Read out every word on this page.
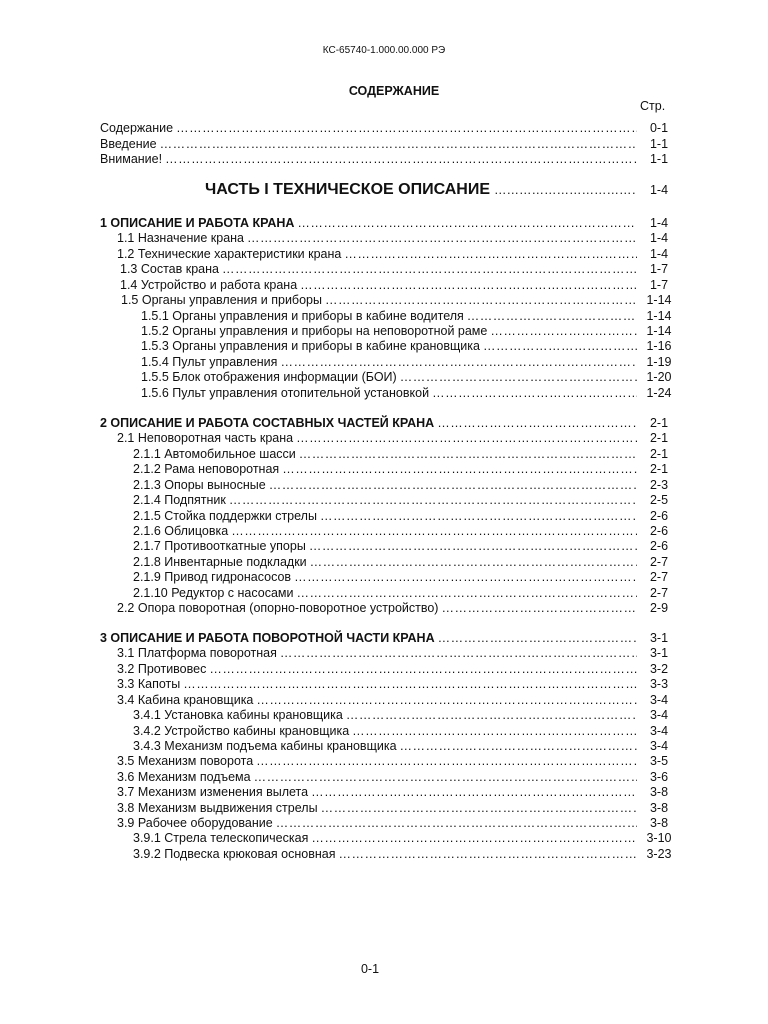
КС-65740-1.000.00.000 РЭ
СОДЕРЖАНИЕ
Стр.
ЧАСТЬ I ТЕХНИЧЕСКОЕ ОПИСАНИЕ ……………………………………………………………………………………	1-4
Содержание …………………………………………………………………………………………………………………………………………………………………………………………………………………	0-1
Введение …………………………………………………………………………………………………………………………………………………………………………………………………………………	1-1
Внимание! …………………………………………………………………………………………………………………………………………………………………………………………………………………	1-1
1 ОПИСАНИЕ И РАБОТА КРАНА …………………………………………………………………………………………………………………………………………………………………………………………………………………	1-4
1.1 Назначение крана …………………………………………………………………………………………………………………………………………………………………………………………………………………	1-4
1.2 Технические характеристики крана …………………………………………………………………………………………………………………………………………………………………………………………………………………	1-4
1.3 Состав крана …………………………………………………………………………………………………………………………………………………………………………………………………………………	1-7
1.4 Устройство и работа крана …………………………………………………………………………………………………………………………………………………………………………………………………………………	1-7
1.5 Органы управления и приборы …………………………………………………………………………………………………………………………………………………………………………………………………………………	1-14
1.5.1 Органы управления и приборы в кабине водителя …………………………………………………………………………………………………………………………………………………………………………………………………………………	1-14
1.5.2 Органы управления и приборы на неповоротной раме …………………………………………………………………………………………………………………………………………………………………………………………………………………	1-14
1.5.3 Органы управления и приборы в кабине крановщика …………………………………………………………………………………………………………………………………………………………………………………………………………………	1-16
1.5.4 Пульт управления …………………………………………………………………………………………………………………………………………………………………………………………………………………	1-19
1.5.5 Блок отображения информации (БОИ) …………………………………………………………………………………………………………………………………………………………………………………………………………………	1-20
1.5.6 Пульт управления отопительной установкой …………………………………………………………………………………………………………………………………………………………………………………………………………………	1-24
2 ОПИСАНИЕ И РАБОТА СОСТАВНЫХ ЧАСТЕЙ КРАНА …………………………………………………………………………………………………………………………………………………………………………………………………………………	2-1
2.1 Неповоротная часть крана …………………………………………………………………………………………………………………………………………………………………………………………………………………	2-1
2.1.1 Автомобильное шасси …………………………………………………………………………………………………………………………………………………………………………………………………………………	2-1
2.1.2 Рама неповоротная …………………………………………………………………………………………………………………………………………………………………………………………………………………	2-1
2.1.3 Опоры выносные …………………………………………………………………………………………………………………………………………………………………………………………………………………	2-3
2.1.4 Подпятник …………………………………………………………………………………………………………………………………………………………………………………………………………………	2-5
2.1.5 Стойка поддержки стрелы …………………………………………………………………………………………………………………………………………………………………………………………………………………	2-6
2.1.6 Облицовка …………………………………………………………………………………………………………………………………………………………………………………………………………………	2-6
2.1.7 Противооткатные упоры …………………………………………………………………………………………………………………………………………………………………………………………………………………	2-6
2.1.8 Инвентарные подкладки …………………………………………………………………………………………………………………………………………………………………………………………………………………	2-7
2.1.9 Привод гидронасосов …………………………………………………………………………………………………………………………………………………………………………………………………………………	2-7
2.1.10 Редуктор с насосами …………………………………………………………………………………………………………………………………………………………………………………………………………………	2-7
2.2 Опора поворотная (опорно-поворотное устройство) …………………………………………………………………………………………………………………………………………………………………………………………………………………	2-9
3 ОПИСАНИЕ И РАБОТА ПОВОРОТНОЙ ЧАСТИ КРАНА …………………………………………………………………………………………………………………………………………………………………………………………………………………	3-1
3.1 Платформа поворотная …………………………………………………………………………………………………………………………………………………………………………………………………………………	3-1
3.2 Противовес …………………………………………………………………………………………………………………………………………………………………………………………………………………	3-2
3.3 Капоты …………………………………………………………………………………………………………………………………………………………………………………………………………………	3-3
3.4 Кабина крановщика …………………………………………………………………………………………………………………………………………………………………………………………………………………	3-4
3.4.1 Установка кабины крановщика …………………………………………………………………………………………………………………………………………………………………………………………………………………	3-4
3.4.2 Устройство кабины крановщика …………………………………………………………………………………………………………………………………………………………………………………………………………………	3-4
3.4.3 Механизм подъема кабины крановщика …………………………………………………………………………………………………………………………………………………………………………………………………………………	3-4
3.5 Механизм поворота …………………………………………………………………………………………………………………………………………………………………………………………………………………	3-5
3.6 Механизм подъема …………………………………………………………………………………………………………………………………………………………………………………………………………………	3-6
3.7 Механизм изменения вылета …………………………………………………………………………………………………………………………………………………………………………………………………………………	3-8
3.8 Механизм выдвижения стрелы …………………………………………………………………………………………………………………………………………………………………………………………………………………	3-8
3.9 Рабочее оборудование …………………………………………………………………………………………………………………………………………………………………………………………………………………	3-8
3.9.1 Стрела телескопическая …………………………………………………………………………………………………………………………………………………………………………………………………………………	3-10
3.9.2 Подвеска крюковая основная …………………………………………………………………………………………………………………………………………………………………………………………………………………	3-23
0-1
